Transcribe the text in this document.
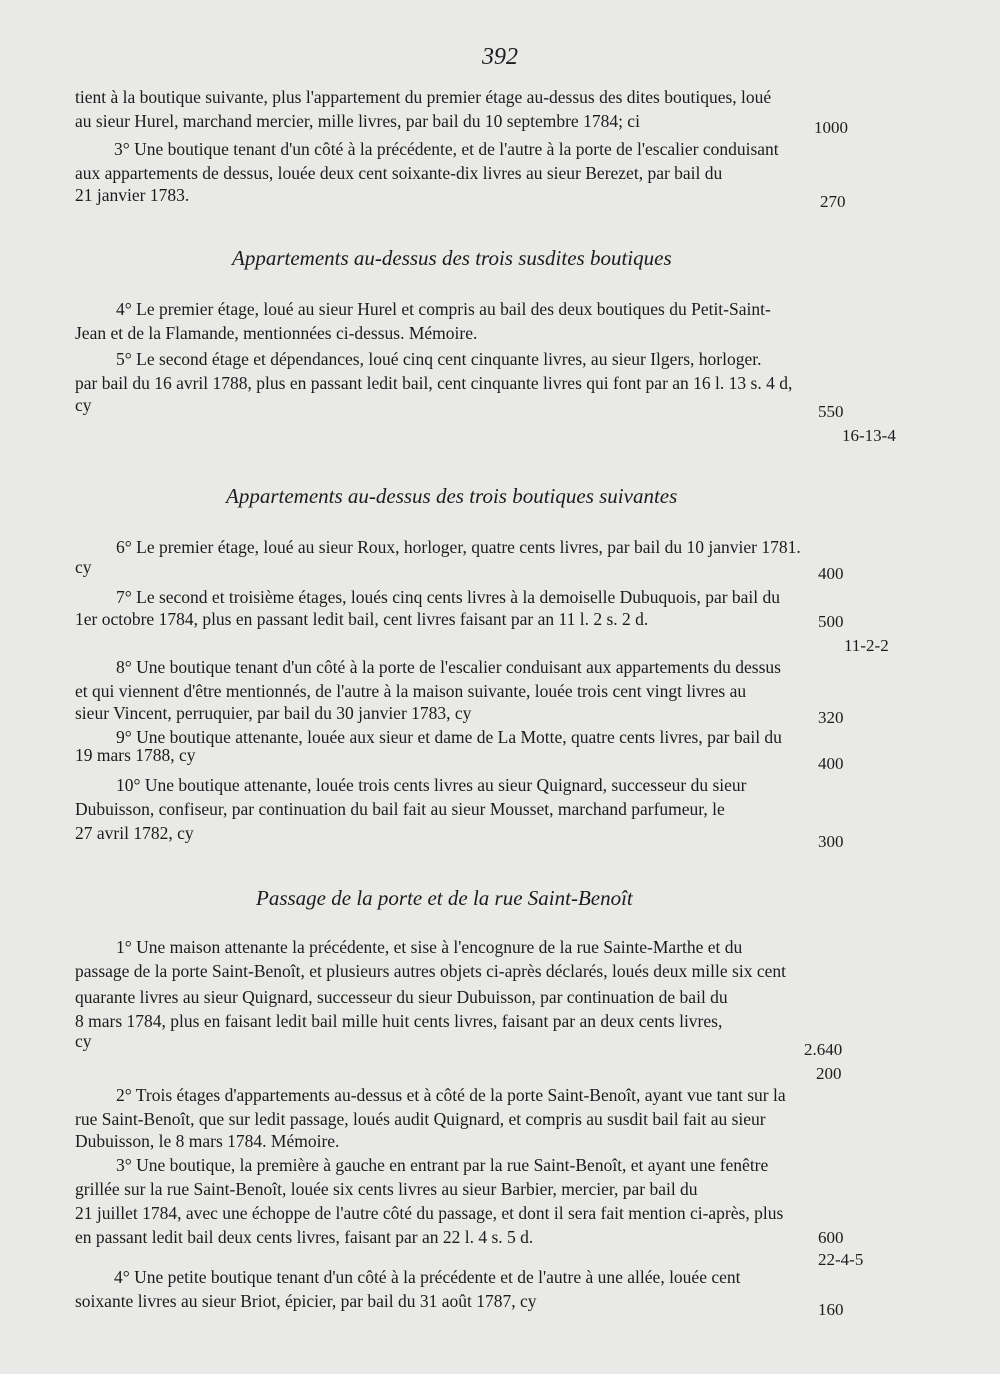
392
tient à la boutique suivante, plus l'appartement du premier étage au-dessus des dites boutiques, loué
au sieur Hurel, marchand mercier, mille livres, par bail du 10 septembre 1784; ci	1000
3° Une boutique tenant d'un côté à la précédente, et de l'autre à la porte de l'escalier conduisant
aux appartements de dessus, louée deux cent soixante-dix livres au sieur Berezet, par bail du
21 janvier 1783.	270
Appartements au-dessus des trois susdites boutiques
4° Le premier étage, loué au sieur Hurel et compris au bail des deux boutiques du Petit-Saint-
Jean et de la Flamande, mentionnées ci-dessus. Mémoire.
5° Le second étage et dépendances, loué cinq cent cinquante livres, au sieur Ilgers, horloger.
par bail du 16 avril 1788, plus en passant ledit bail, cent cinquante livres qui font par an 16 l. 13 s. 4 d,
cy	550
16-13-4
Appartements au-dessus des trois boutiques suivantes
6° Le premier étage, loué au sieur Roux, horloger, quatre cents livres, par bail du 10 janvier 1781.
cy	400
7° Le second et troisième étages, loués cinq cents livres à la demoiselle Dubuquois, par bail du
1er octobre 1784, plus en passant ledit bail, cent livres faisant par an 11 l. 2 s. 2 d.	500
11-2-2
8° Une boutique tenant d'un côté à la porte de l'escalier conduisant aux appartements du dessus
et qui viennent d'être mentionnés, de l'autre à la maison suivante, louée trois cent vingt livres au
sieur Vincent, perruquier, par bail du 30 janvier 1783, cy	320
9° Une boutique attenante, louée aux sieur et dame de La Motte, quatre cents livres, par bail du
19 mars 1788, cy	400
10° Une boutique attenante, louée trois cents livres au sieur Quignard, successeur du sieur
Dubuisson, confiseur, par continuation du bail fait au sieur Mousset, marchand parfumeur, le
27 avril 1782, cy	300
Passage de la porte et de la rue Saint-Benoît
1° Une maison attenante la précédente, et sise à l'encognure de la rue Sainte-Marthe et du
passage de la porte Saint-Benoît, et plusieurs autres objets ci-après déclarés, loués deux mille six cent
quarante livres au sieur Quignard, successeur du sieur Dubuisson, par continuation de bail du
8 mars 1784, plus en faisant ledit bail mille huit cents livres, faisant par an deux cents livres,
cy	2.640
200
2° Trois étages d'appartements au-dessus et à côté de la porte Saint-Benoît, ayant vue tant sur la
rue Saint-Benoît, que sur ledit passage, loués audit Quignard, et compris au susdit bail fait au sieur
Dubuisson, le 8 mars 1784. Mémoire.
3° Une boutique, la première à gauche en entrant par la rue Saint-Benoît, et ayant une fenêtre
grillée sur la rue Saint-Benoît, louée six cents livres au sieur Barbier, mercier, par bail du
21 juillet 1784, avec une échoppe de l'autre côté du passage, et dont il sera fait mention ci-après, plus
en passant ledit bail deux cents livres, faisant par an 22 l. 4 s. 5 d.	600
22-4-5
4° Une petite boutique tenant d'un côté à la précédente et de l'autre à une allée, louée cent
soixante livres au sieur Briot, épicier, par bail du 31 août 1787, cy	160
